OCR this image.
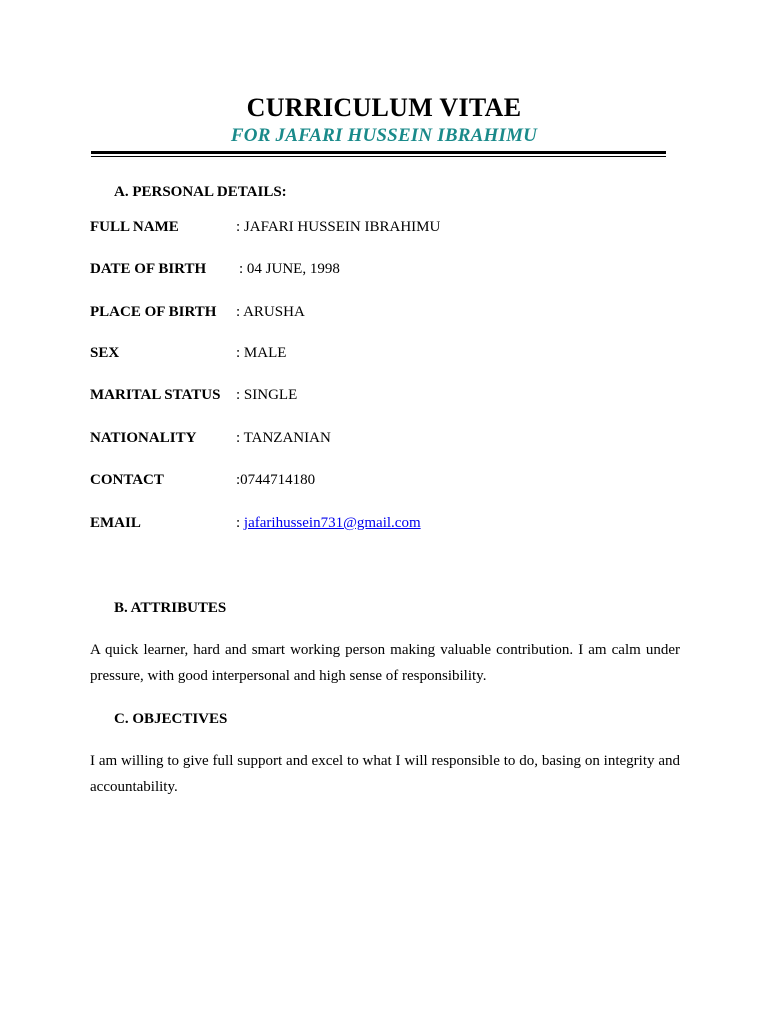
CURRICULUM VITAE
FOR JAFARI HUSSEIN IBRAHIMU
A. PERSONAL DETAILS:
FULL NAME	: JAFARI HUSSEIN IBRAHIMU
DATE OF BIRTH : 04 JUNE, 1998
PLACE OF BIRTH : ARUSHA
SEX	: MALE
MARITAL STATUS : SINGLE
NATIONALITY	: TANZANIAN
CONTACT	:0744714180
EMAIL	: jafarihussein731@gmail.com
B. ATTRIBUTES
A quick learner, hard and smart working person making valuable contribution. I am calm under pressure, with good interpersonal and high sense of responsibility.
C. OBJECTIVES
I am willing to give full support and excel to what I will responsible to do, basing on integrity and accountability.
